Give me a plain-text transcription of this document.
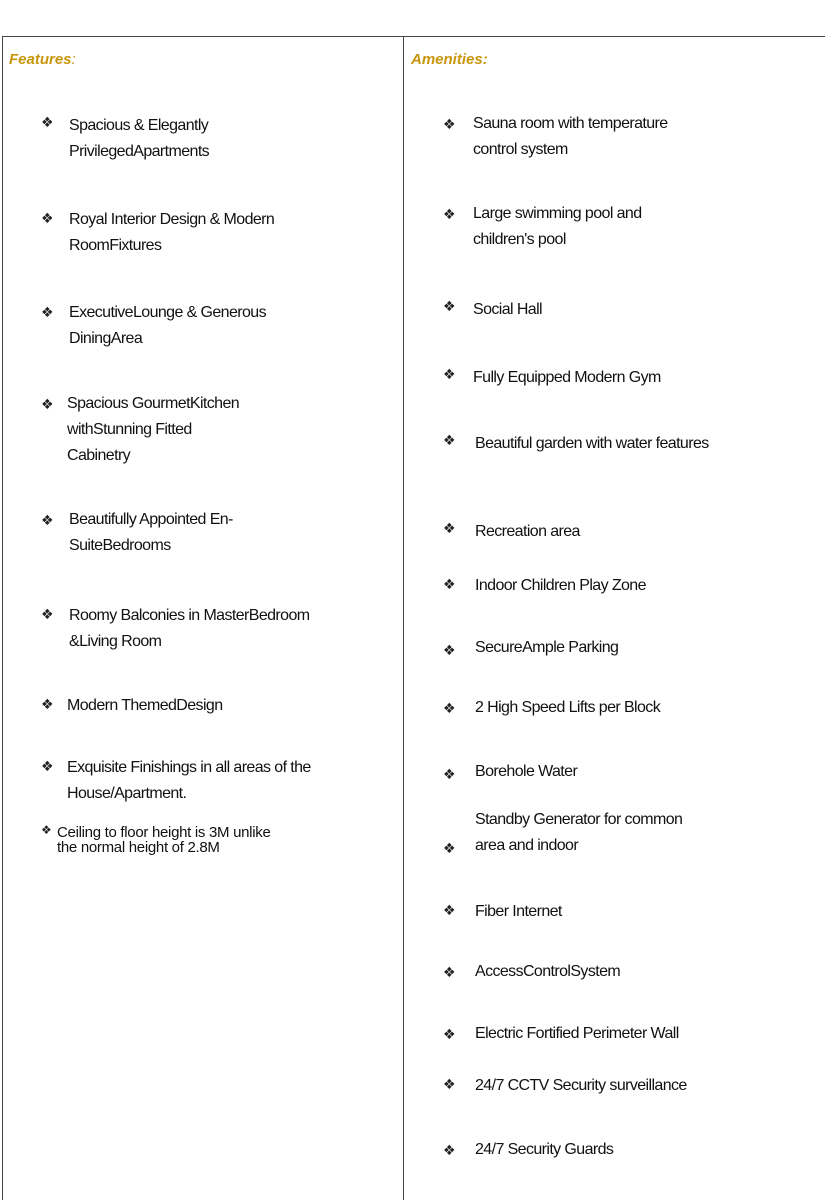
Features:
❖ Spacious & Elegantly
PrivilegedApartments
❖ Royal Interior Design & Modern
RoomFixtures
❖ ExecutiveLounge & Generous
DiningArea
❖ Spacious GourmetKitchen
withStunning Fitted
Cabinetry
❖ Beautifully Appointed En-
SuiteBedrooms
❖ Roomy Balconies in MasterBedroom
&Living Room
❖ Modern ThemedDesign
❖ Exquisite Finishings in all areas of the
House/Apartment.
❖ Ceiling to floor height is 3M unlike
the normal height of 2.8M
Amenities:
❖ Sauna room with temperature
control system
❖ Large swimming pool and
children's pool
❖ Social Hall
❖ Fully Equipped Modern Gym
❖ Beautiful garden with water features
❖ Recreation area
❖ Indoor Children Play Zone
❖ SecureAmple Parking
❖ 2 High Speed Lifts per Block
❖ Borehole Water
❖
Standby Generator for common
area and indoor
❖ Fiber Internet
❖ AccessControlSystem
❖ Electric Fortified Perimeter Wall
❖ 24/7 CCTV Security surveillance
❖ 24/7 Security Guards
